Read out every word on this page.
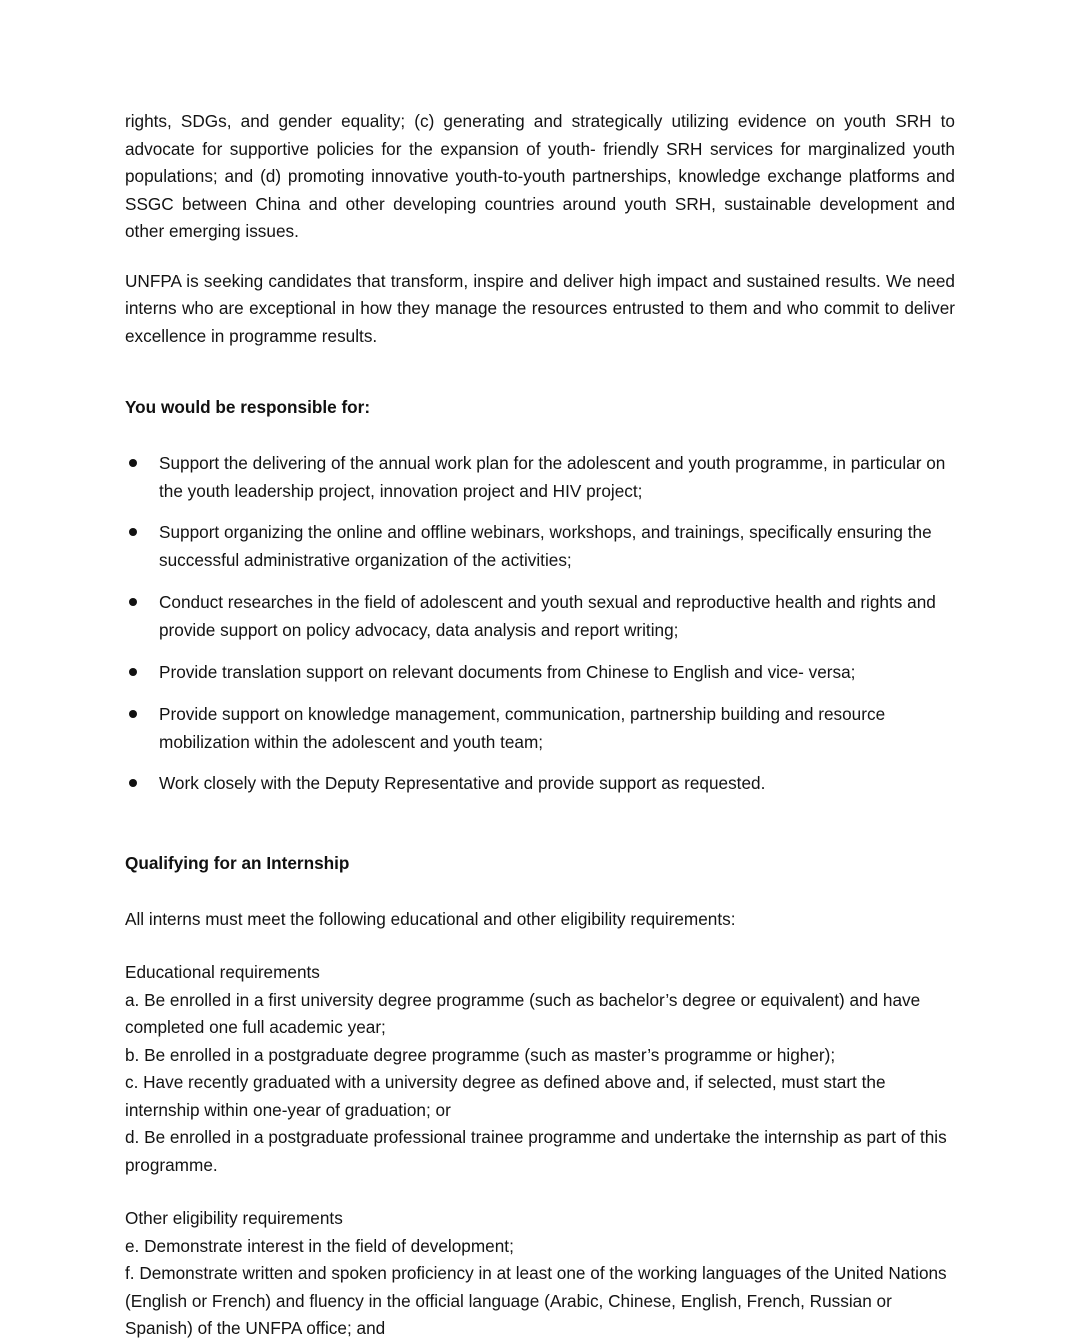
rights, SDGs, and gender equality; (c) generating and strategically utilizing evidence on youth SRH to advocate for supportive policies for the expansion of youth- friendly SRH services for marginalized youth populations; and (d) promoting innovative youth-to-youth partnerships, knowledge exchange platforms and SSGC between China and other developing countries around youth SRH, sustainable development and other emerging issues.

UNFPA is seeking candidates that transform, inspire and deliver high impact and sustained results. We need interns who are exceptional in how they manage the resources entrusted to them and who commit to deliver excellence in programme results.

You would be responsible for:

Support the delivering of the annual work plan for the adolescent and youth programme, in particular on the youth leadership project, innovation project and HIV project;
Support organizing the online and offline webinars, workshops, and trainings, specifically ensuring the successful administrative organization of the activities;
Conduct researches in the field of adolescent and youth sexual and reproductive health and rights and provide support on policy advocacy, data analysis and report writing;
Provide translation support on relevant documents from Chinese to English and vice- versa;
Provide support on knowledge management, communication, partnership building and resource mobilization within the adolescent and youth team;
Work closely with the Deputy Representative and provide support as requested.

Qualifying for an Internship

All interns must meet the following educational and other eligibility requirements:

Educational requirements

a. Be enrolled in a first university degree programme (such as bachelor’s degree or equivalent) and have completed one full academic year;

b. Be enrolled in a postgraduate degree programme (such as master’s programme or higher);

c. Have recently graduated with a university degree as defined above and, if selected, must start the internship within one-year of graduation; or

d. Be enrolled in a postgraduate professional trainee programme and undertake the internship as part of this programme.

Other eligibility requirements

e. Demonstrate interest in the field of development;

f. Demonstrate written and spoken proficiency in at least one of the working languages of the United Nations (English or French) and fluency in the official language (Arabic, Chinese, English, French, Russian or Spanish) of the UNFPA office; and
